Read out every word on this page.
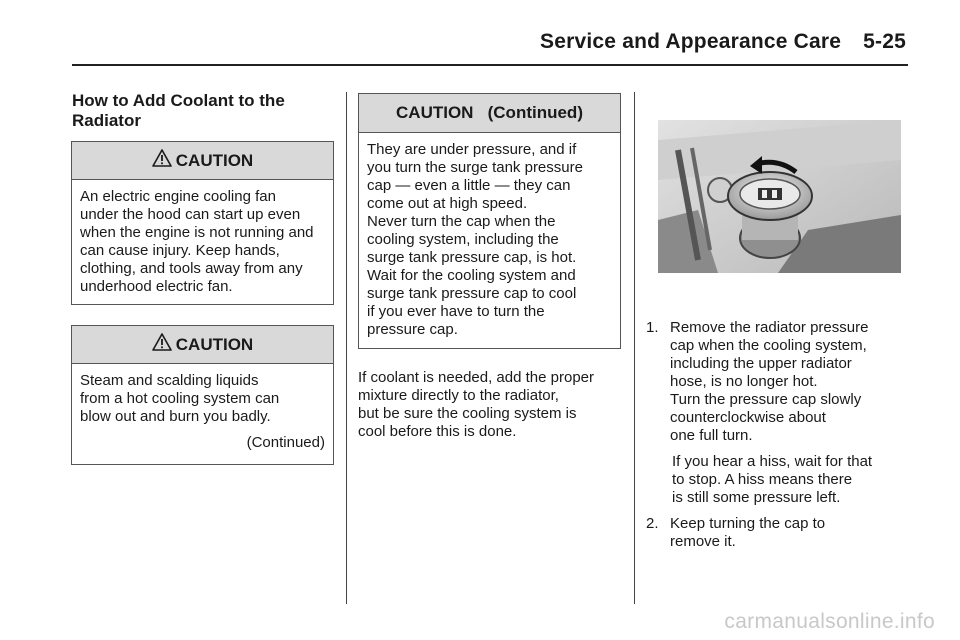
Service and Appearance Care 5-25
How to Add Coolant to the Radiator
CAUTION
An electric engine cooling fan
under the hood can start up even
when the engine is not running and
can cause injury. Keep hands,
clothing, and tools away from any
underhood electric fan.
CAUTION
Steam and scalding liquids
from a hot cooling system can
blow out and burn you badly.
(Continued)
CAUTION   (Continued)
They are under pressure, and if
you turn the surge tank pressure
cap — even a little — they can
come out at high speed.
Never turn the cap when the
cooling system, including the
surge tank pressure cap, is hot.
Wait for the cooling system and
surge tank pressure cap to cool
if you ever have to turn the
pressure cap.
If coolant is needed, add the proper
mixture directly to the radiator,
but be sure the cooling system is
cool before this is done.
1. Remove the radiator pressure
cap when the cooling system,
including the upper radiator
hose, is no longer hot.
Turn the pressure cap slowly
counterclockwise about
one full turn.
If you hear a hiss, wait for that
to stop. A hiss means there
is still some pressure left.
2. Keep turning the cap to
remove it.
carmanualsonline.info
